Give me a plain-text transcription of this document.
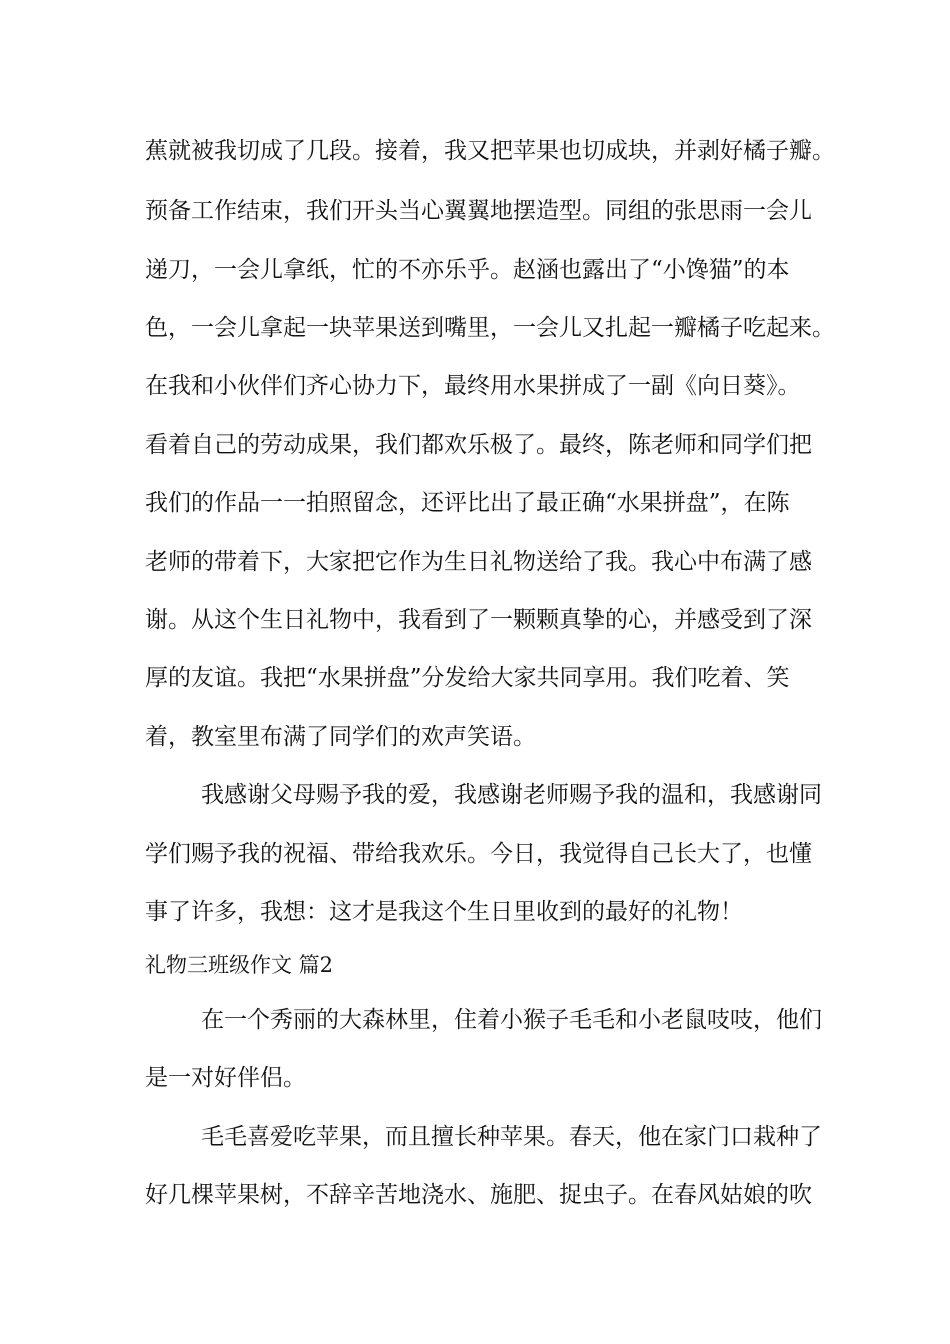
蕉就被我切成了几段。接着，我又把苹果也切成块，并剥好橘子瓣。
预备工作结束，我们开头当心翼翼地摆造型。同组的张思雨一会儿
递刀，一会儿拿纸，忙的不亦乐乎。赵涵也露出了“小馋猫”的本
色，一会儿拿起一块苹果送到嘴里，一会儿又扎起一瓣橘子吃起来。
在我和小伙伴们齐心协力下，最终用水果拼成了一副《向日葵》。
看着自己的劳动成果，我们都欢乐极了。最终，陈老师和同学们把
我们的作品一一拍照留念，还评比出了最正确“水果拼盘”，在陈
老师的带着下，大家把它作为生日礼物送给了我。我心中布满了感
谢。从这个生日礼物中，我看到了一颗颗真挚的心，并感受到了深
厚的友谊。我把“水果拼盘”分发给大家共同享用。我们吃着、笑
着，教室里布满了同学们的欢声笑语。
我感谢父母赐予我的爱，我感谢老师赐予我的温和，我感谢同
学们赐予我的祝福、带给我欢乐。今日，我觉得自己长大了，也懂
事了许多，我想：这才是我这个生日里收到的最好的礼物！
礼物三班级作文 篇2
在一个秀丽的大森林里，住着小猴子毛毛和小老鼠吱吱，他们
是一对好伴侣。
毛毛喜爱吃苹果，而且擅长种苹果。春天，他在家门口栽种了
好几棵苹果树，不辞辛苦地浇水、施肥、捉虫子。在春风姑娘的吹
